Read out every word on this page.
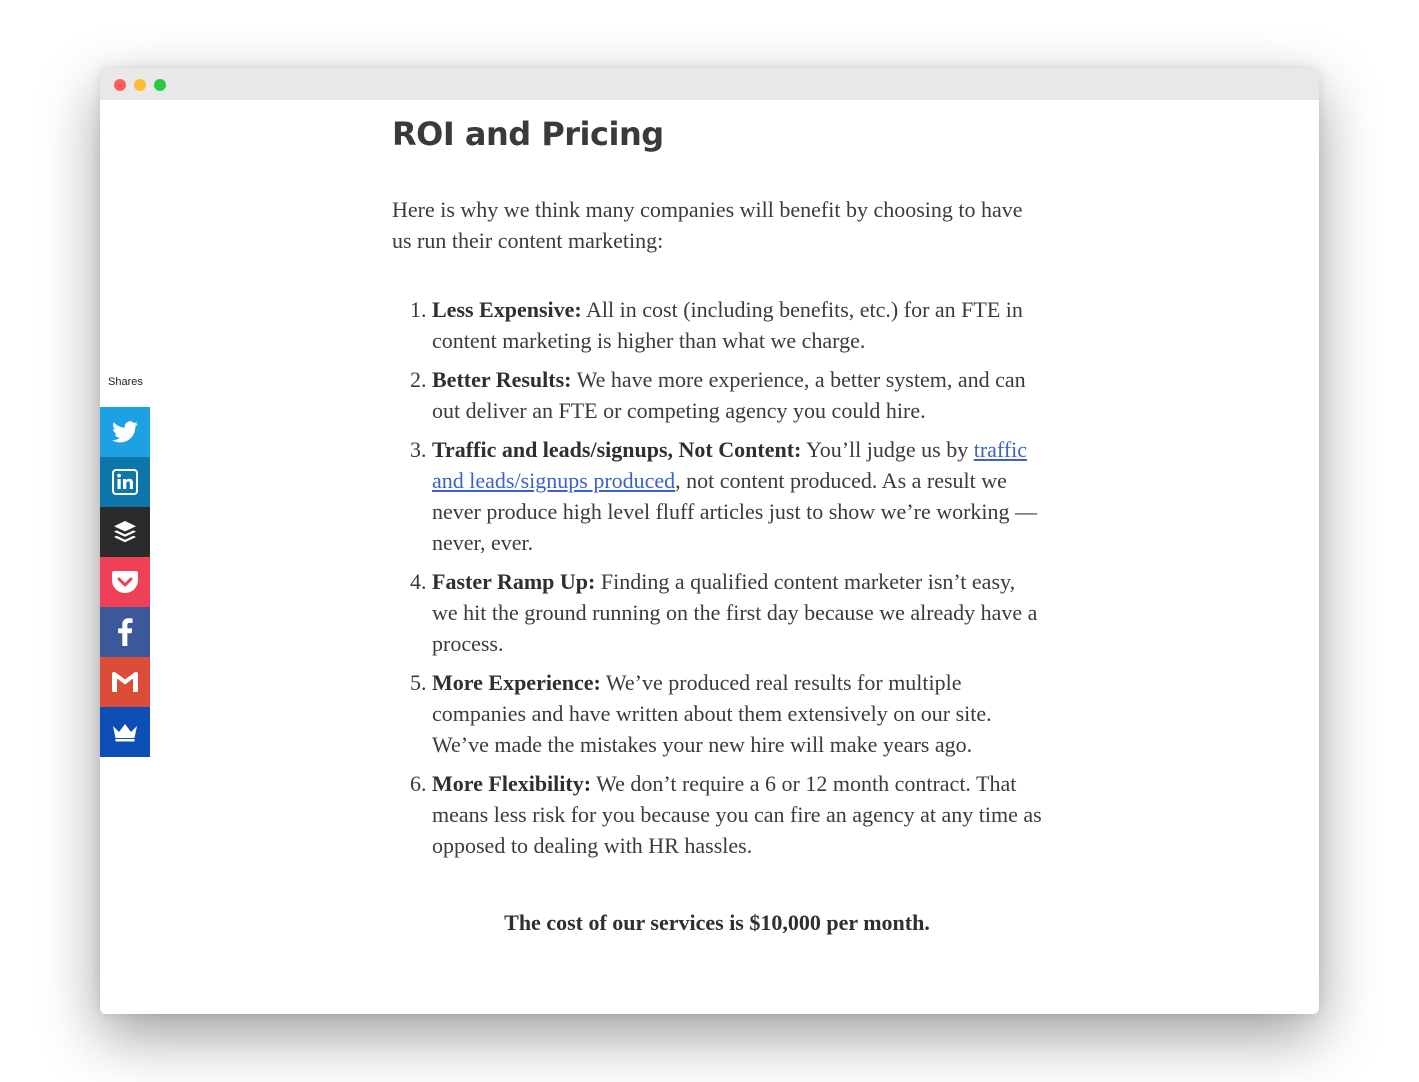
Shares
ROI and Pricing

Here is why we think many companies will benefit by choosing to have us run their content marketing:

1. Less Expensive: All in cost (including benefits, etc.) for an FTE in content marketing is higher than what we charge.
2. Better Results: We have more experience, a better system, and can out deliver an FTE or competing agency you could hire.
3. Traffic and leads/signups, Not Content: You’ll judge us by traffic and leads/signups produced, not content produced. As a result we never produce high level fluff articles just to show we’re working — never, ever.
4. Faster Ramp Up: Finding a qualified content marketer isn’t easy, we hit the ground running on the first day because we already have a process.
5. More Experience: We’ve produced real results for multiple companies and have written about them extensively on our site. We’ve made the mistakes your new hire will make years ago.
6. More Flexibility: We don’t require a 6 or 12 month contract. That means less risk for you because you can fire an agency at any time as opposed to dealing with HR hassles.

The cost of our services is $10,000 per month.
